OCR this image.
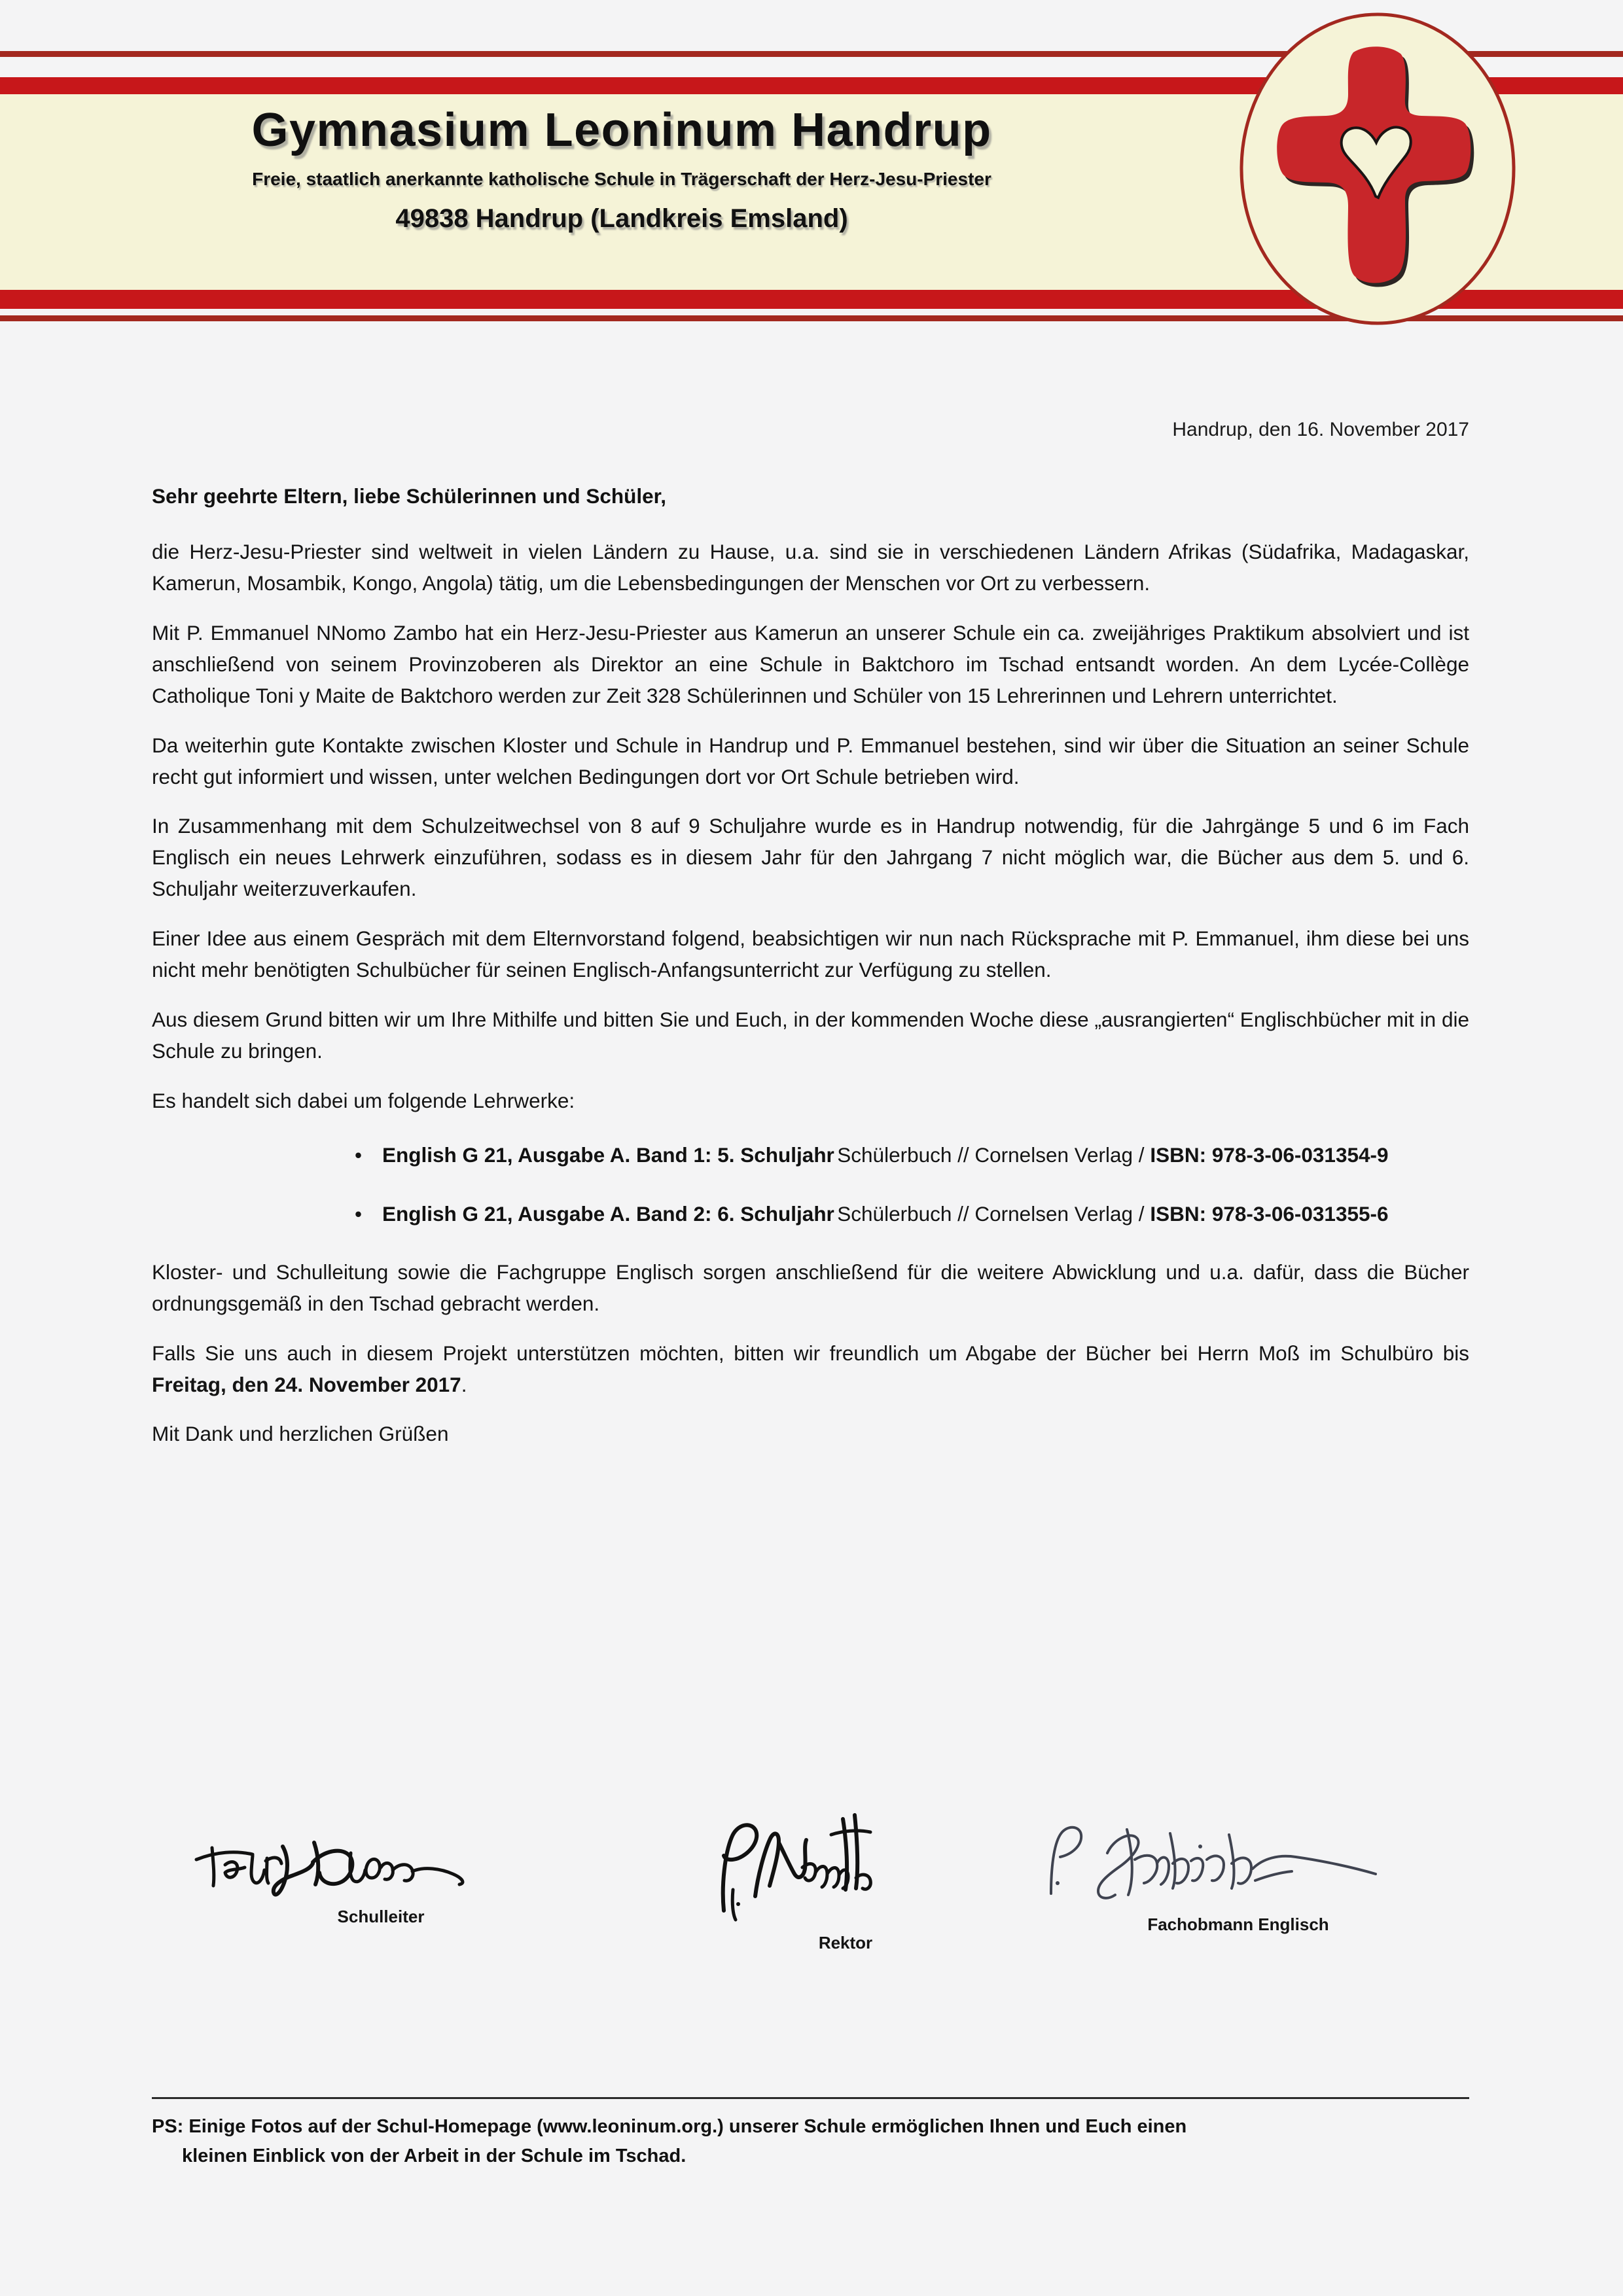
Gymnasium Leoninum Handrup
Freie, staatlich anerkannte katholische Schule in Trägerschaft der Herz-Jesu-Priester
49838 Handrup (Landkreis Emsland)
Handrup, den 16. November 2017

Sehr geehrte Eltern, liebe Schülerinnen und Schüler,

die Herz-Jesu-Priester sind weltweit in vielen Ländern zu Hause, u.a. sind sie in verschiedenen Ländern Afrikas (Südafrika, Madagaskar, Kamerun, Mosambik, Kongo, Angola) tätig, um die Lebensbedingungen der Menschen vor Ort zu verbessern.

Mit P. Emmanuel NNomo Zambo hat ein Herz-Jesu-Priester aus Kamerun an unserer Schule ein ca. zweijähriges Praktikum absolviert und ist anschließend von seinem Provinzoberen als Direktor an eine Schule in Baktchoro im Tschad entsandt worden. An dem Lycée-Collège Catholique Toni y Maite de Baktchoro werden zur Zeit 328 Schülerinnen und Schüler von 15 Lehrerinnen und Lehrern unterrichtet.

Da weiterhin gute Kontakte zwischen Kloster und Schule in Handrup und P. Emmanuel bestehen, sind wir über die Situation an seiner Schule recht gut informiert und wissen, unter welchen Bedingungen dort vor Ort Schule betrieben wird.

In Zusammenhang mit dem Schulzeitwechsel von 8 auf 9 Schuljahre wurde es in Handrup notwendig, für die Jahrgänge 5 und 6 im Fach Englisch ein neues Lehrwerk einzuführen, sodass es in diesem Jahr für den Jahrgang 7 nicht möglich war, die Bücher aus dem 5. und 6. Schuljahr weiterzuverkaufen.

Einer Idee aus einem Gespräch mit dem Elternvorstand folgend, beabsichtigen wir nun nach Rücksprache mit P. Emmanuel, ihm diese bei uns nicht mehr benötigten Schulbücher für seinen Englisch-Anfangsunterricht zur Verfügung zu stellen.

Aus diesem Grund bitten wir um Ihre Mithilfe und bitten Sie und Euch, in der kommenden Woche diese „ausrangierten“ Englischbücher mit in die Schule zu bringen.

Es handelt sich dabei um folgende Lehrwerke:

• English G 21, Ausgabe A. Band 1: 5. Schuljahr Schülerbuch // Cornelsen Verlag / ISBN: 978-3-06-031354-9
• English G 21, Ausgabe A. Band 2: 6. Schuljahr Schülerbuch // Cornelsen Verlag / ISBN: 978-3-06-031355-6

Kloster- und Schulleitung sowie die Fachgruppe Englisch sorgen anschließend für die weitere Abwicklung und u.a. dafür, dass die Bücher ordnungsgemäß in den Tschad gebracht werden.

Falls Sie uns auch in diesem Projekt unterstützen möchten, bitten wir freundlich um Abgabe der Bücher bei Herrn Moß im Schulbüro bis Freitag, den 24. November 2017.

Mit Dank und herzlichen Grüßen

Schulleiter
Rektor
Fachobmann Englisch
PS: Einige Fotos auf der Schul-Homepage (www.leoninum.org.) unserer Schule ermöglichen Ihnen und Euch einen
kleinen Einblick von der Arbeit in der Schule im Tschad.
